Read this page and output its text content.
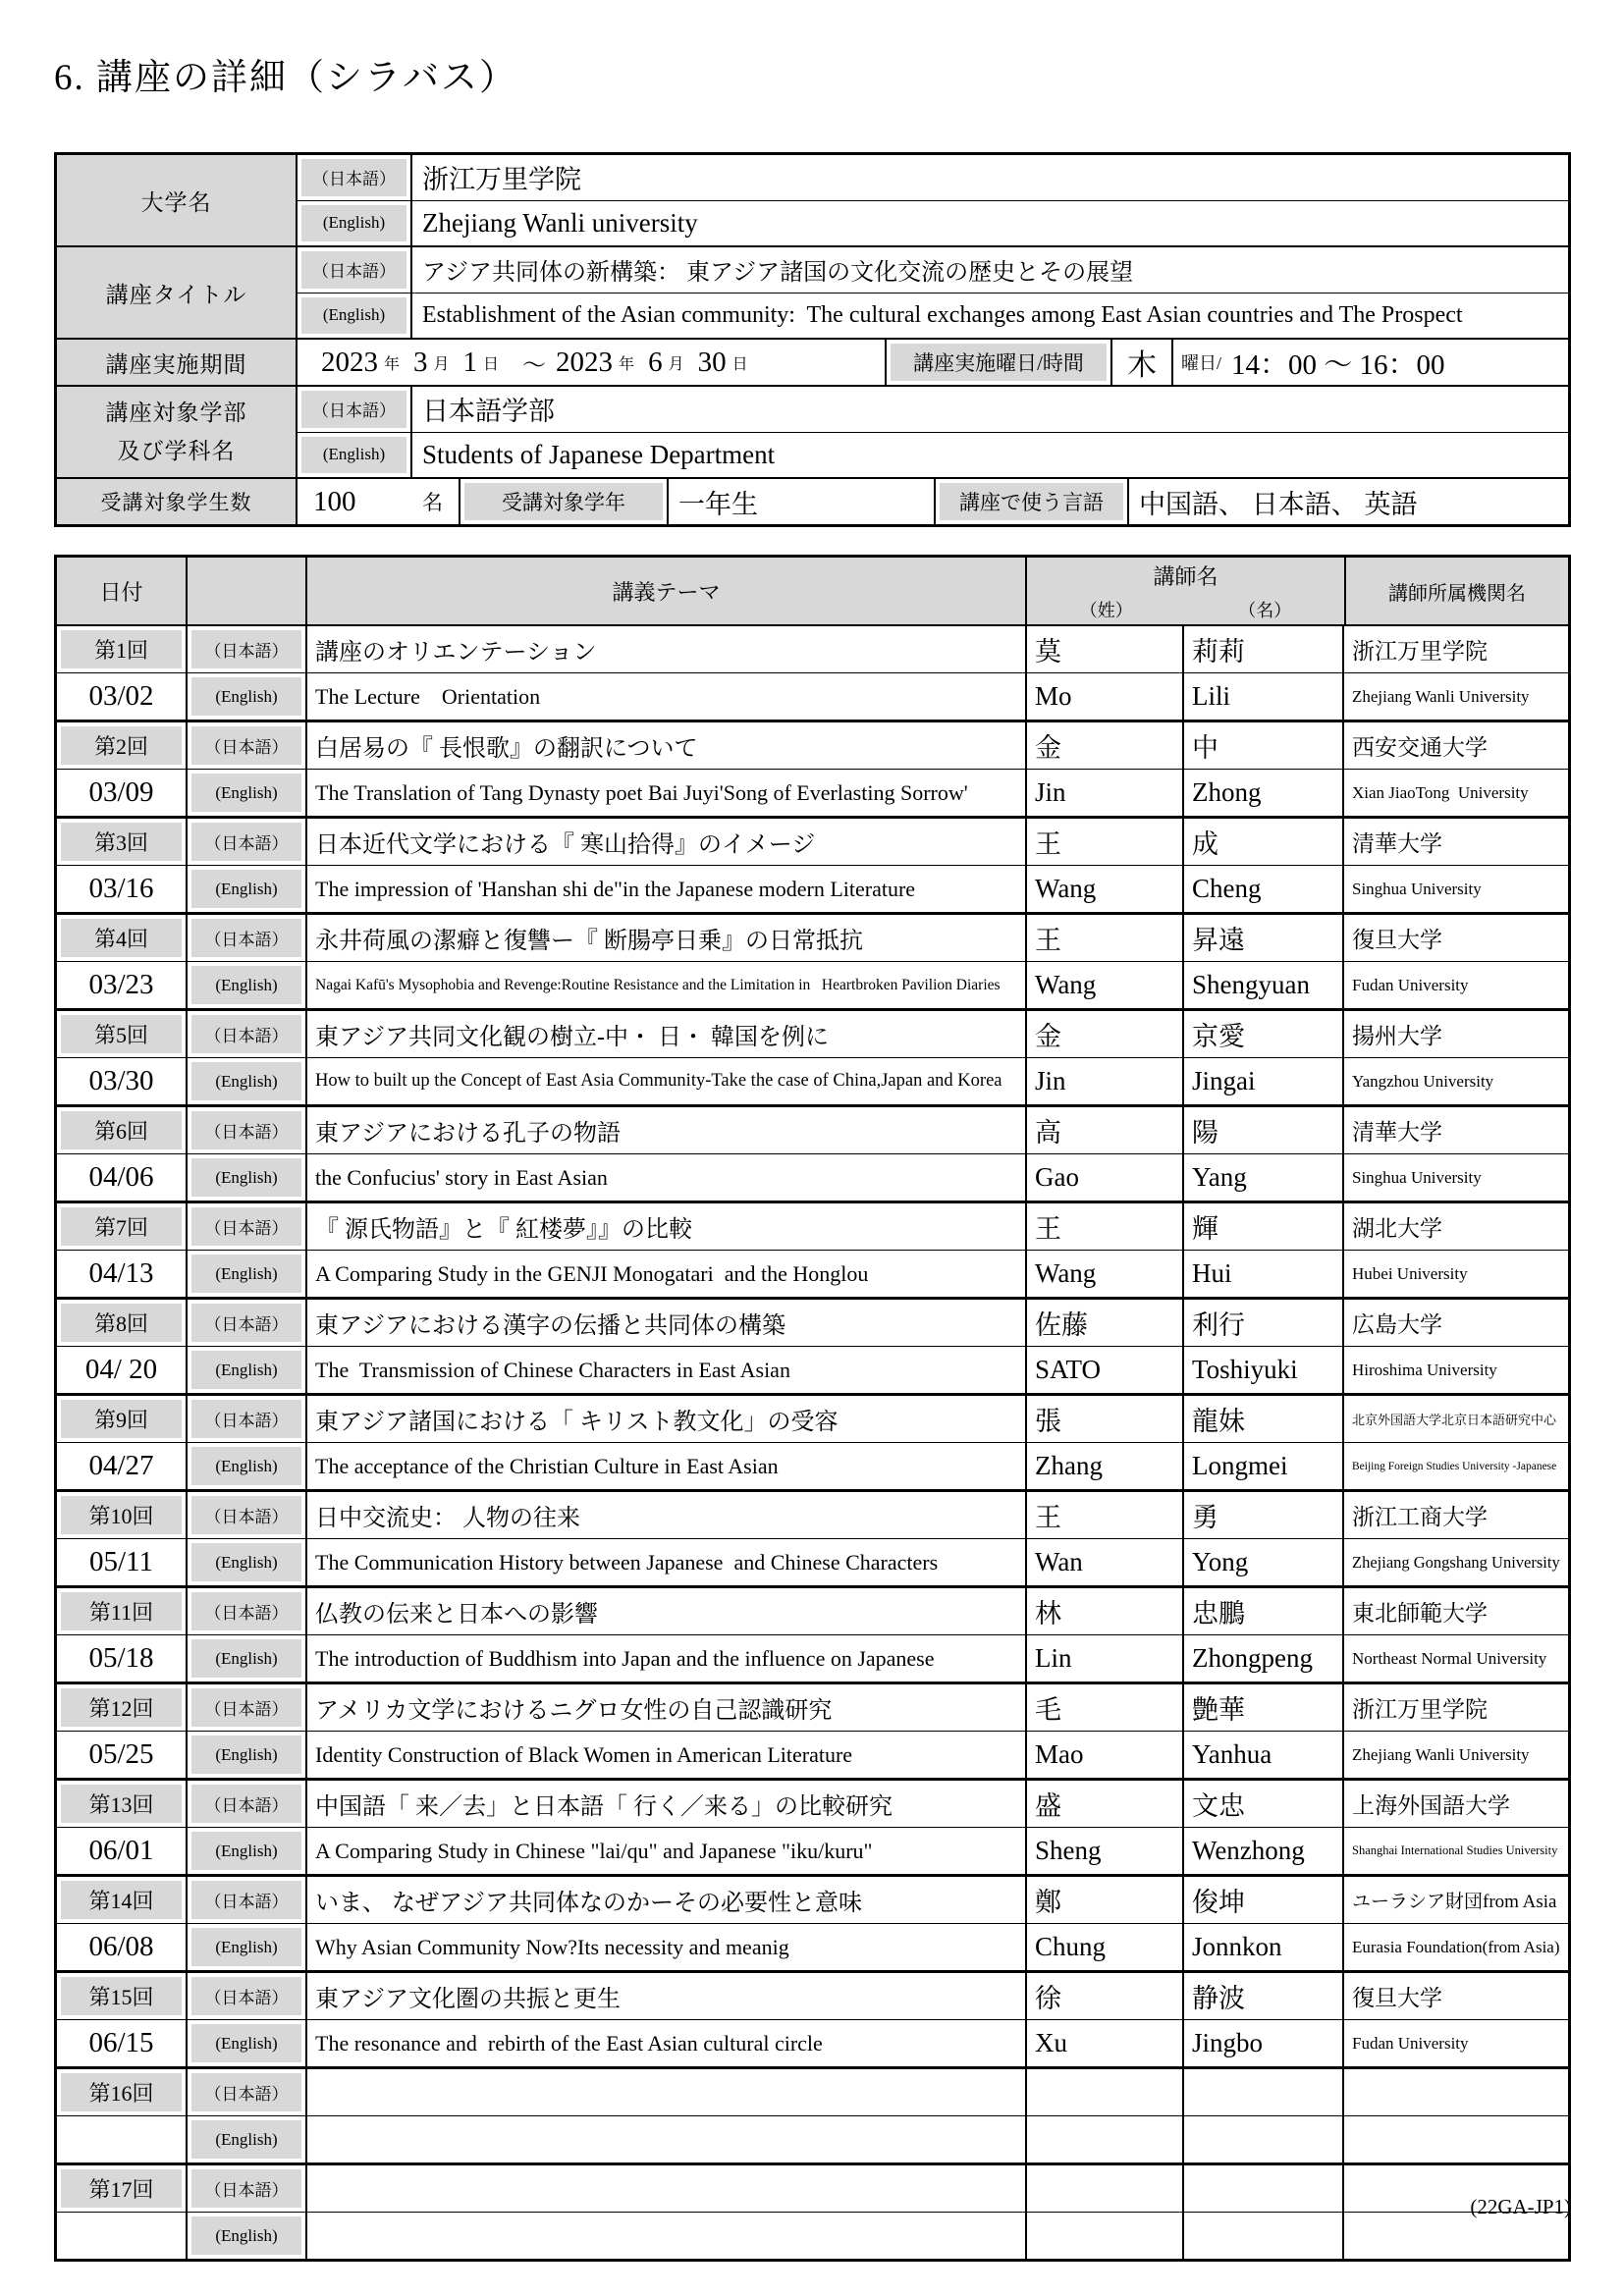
6. 講座の詳細（シラバス）
大学名
（日本語）	浙江万里学院
(English)	Zhejiang Wanli university
講座タイトル
（日本語）	アジア共同体の新構築： 東アジア諸国の文化交流の歴史とその展望
(English)	Establishment of the Asian community:  The cultural exchanges among East Asian countries and The Prospect
講座実施期間	2023 年 3 月 1 日 ～ 2023 年 6 月 30 日	講座実施曜日/時間	木	曜日/ 14：00 ～ 16：00
講座対象学部
及び学科名
（日本語）	日本語学部
(English)	Students of Japanese Department
受講対象学生数	100	名	受講対象学年	一年生	講座で使う言語	中国語、 日本語、 英語
日付	講義テーマ
講師名
（姓）	（名）
講師所属機関名
第1回	（日本語）	講座のオリエンテーション	莫	莉莉	浙江万里学院
03/02	(English)	The Lecture    Orientation	Mo	Lili	Zhejiang Wanli University
第2回	（日本語）	白居易の『 長恨歌』の翻訳について	金	中	西安交通大学
03/09	(English)	The Translation of Tang Dynasty poet Bai Juyi'Song of Everlasting Sorrow'	Jin	Zhong	Xian JiaoTong  University
第3回	（日本語）	日本近代文学における『 寒山拾得』のイメージ	王	成	清華大学
03/16	(English)	The impression of 'Hanshan shi de"in the Japanese modern Literature	Wang	Cheng	Singhua University
第4回	（日本語）	永井荷風の潔癖と復讐ー『 断腸亭日乗』の日常抵抗	王	昇遠	復旦大学
03/23	(English)	Nagai Kafū's Mysophobia and Revenge:Routine Resistance and the Limitation in   Heartbroken Pavilion Diaries	Wang	Shengyuan	Fudan University
第5回	（日本語）	東アジア共同文化観の樹立-中・ 日・ 韓国を例に	金	京愛	揚州大学
03/30	(English)	How to built up the Concept of East Asia Community-Take the case of China,Japan and Korea	Jin	Jingai	Yangzhou University
第6回	（日本語）	東アジアにおける孔子の物語	高	陽	清華大学
04/06	(English)	the Confucius' story in East Asian	Gao	Yang	Singhua University
第7回	（日本語）	『 源氏物語』と『 紅楼夢』』の比較	王	輝	湖北大学
04/13	(English)	A Comparing Study in the GENJI Monogatari  and the Honglou	Wang	Hui	Hubei University
第8回	（日本語）	東アジアにおける漢字の伝播と共同体の構築	佐藤	利行	広島大学
04/ 20	(English)	The  Transmission of Chinese Characters in East Asian	SATO	Toshiyuki	Hiroshima University
第9回	（日本語）	東アジア諸国における「 キリスト教文化」の受容	張	龍妹	北京外国語大学北京日本語研究中心
04/27	(English)	The acceptance of the Christian Culture in East Asian	Zhang	Longmei	Beijing Foreign Studies University -Japanese
第10回	（日本語）	日中交流史： 人物の往来	王	勇	浙江工商大学
05/11	(English)	The Communication History between Japanese  and Chinese Characters	Wan	Yong	Zhejiang Gongshang University
第11回	（日本語）	仏教の伝来と日本への影響	林	忠鵬	東北師範大学
05/18	(English)	The introduction of Buddhism into Japan and the influence on Japanese	Lin	Zhongpeng	Northeast Normal University
第12回	（日本語）	アメリカ文学におけるニグロ女性の自己認識研究	毛	艶華	浙江万里学院
05/25	(English)	Identity Construction of Black Women in American Literature	Mao	Yanhua	Zhejiang Wanli University
第13回	（日本語）	中国語「 来／去」と日本語「 行く／来る」の比較研究	盛	文忠	上海外国語大学
06/01	(English)	A Comparing Study in Chinese "lai/qu" and Japanese "iku/kuru"	Sheng	Wenzhong	Shanghai International Studies University
第14回	（日本語）	いま、 なぜアジア共同体なのかーその必要性と意味	鄭	俊坤	ユーラシア財団from Asia
06/08	(English)	Why Asian Community Now?Its necessity and meanig	Chung	Jonnkon	Eurasia Foundation(from Asia)
第15回	（日本語）	東アジア文化圏の共振と更生	徐	静波	復旦大学
06/15	(English)	The resonance and  rebirth of the East Asian cultural circle	Xu	Jingbo	Fudan University
第16回	（日本語）
(English)
第17回	（日本語）
(English)
(22GA-JP1)
